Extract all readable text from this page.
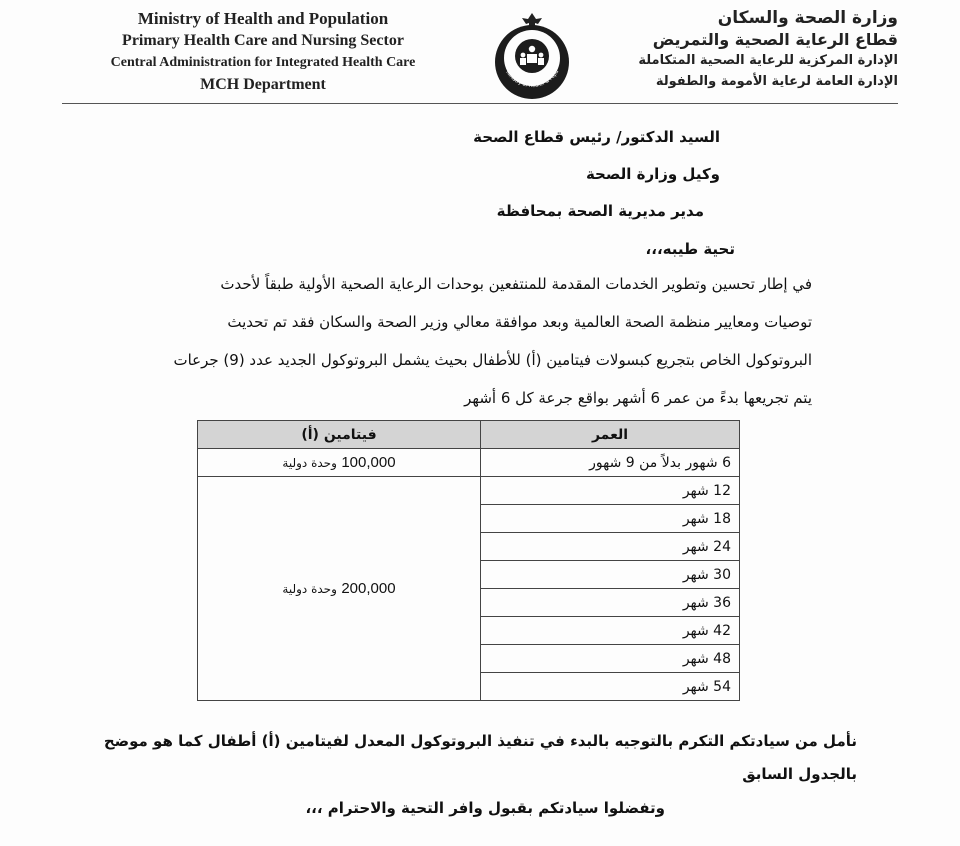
Ministry of Health and Population
Primary Health Care and Nursing Sector
Central Administration for Integrated Health Care
MCH Department
Ministry of Health & Popu
وزارة الصحة والسكان
قطاع الرعاية الصحية والتمريض
الإدارة المركزية للرعاية الصحية المتكاملة
الإدارة العامة لرعاية الأمومة والطفولة
السيد الدكتور/ رئيس قطاع الصحة
وكيل وزارة الصحة
مدير مديرية الصحة بمحافظة
تحية طيبه،،،
في إطار تحسين وتطوير الخدمات المقدمة للمنتفعين بوحدات الرعاية الصحية الأولية طبقاً لأحدث
توصيات ومعايير منظمة الصحة العالمية وبعد موافقة معالي وزير الصحة والسكان فقد تم تحديث
البروتوكول الخاص بتجريع كبسولات فيتامين (أ) للأطفال بحيث يشمل البروتوكول الجديد عدد (9) جرعات
يتم تجريعها بدءً من عمر 6 أشهر بواقع جرعة كل 6 أشهر
العمر	فيتامين (أ)
6 شهور بدلاً من 9 شهور	100,000 وحدة دولية
12 شهر	200,000 وحدة دولية
18 شهر	
24 شهر	
30 شهر	
36 شهر	
42 شهر	
48 شهر	
54 شهر	
نأمل من سيادتكم التكرم بالتوجيه بالبدء في تنفيذ البروتوكول المعدل لفيتامين (أ) أطفال كما هو موضح
بالجدول السابق
وتفضلوا سيادتكم بقبول وافر التحية والاحترام ،،،
